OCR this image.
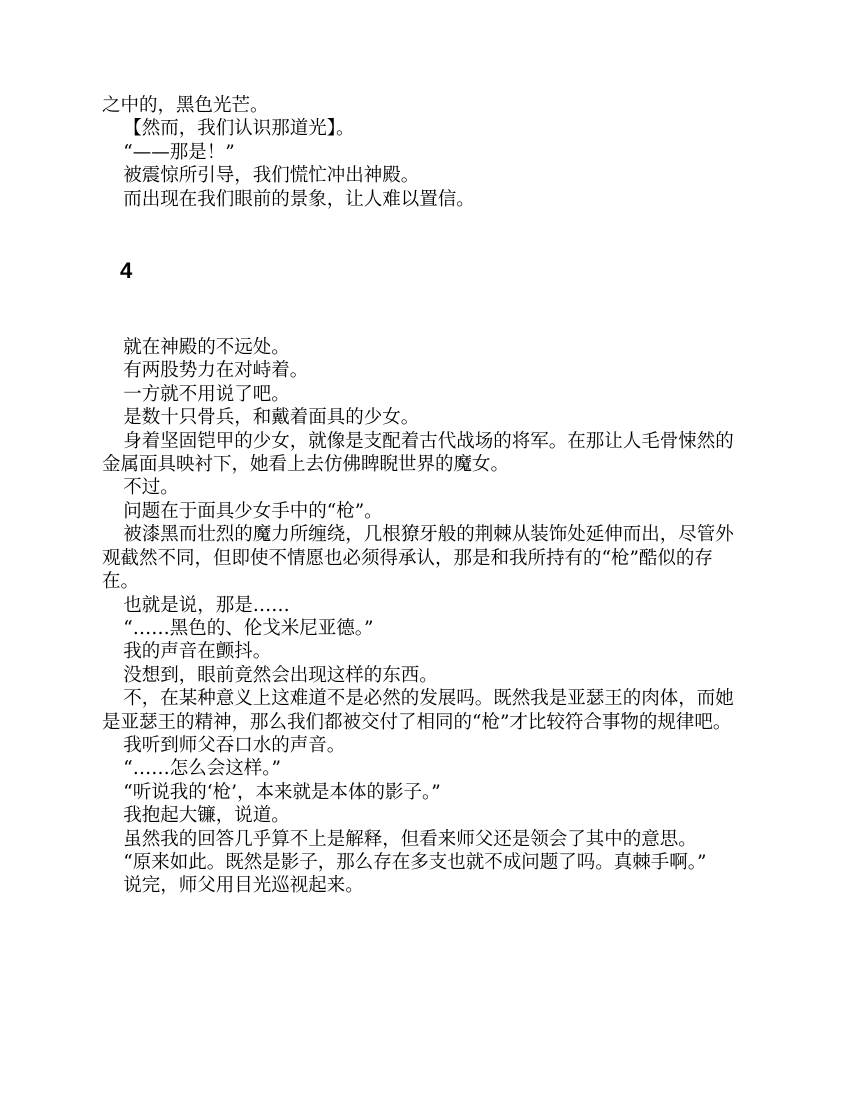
之中的，黑色光芒。

【然而，我们认识那道光】。

“——那是！”

被震惊所引导，我们慌忙冲出神殿。

而出现在我们眼前的景象，让人难以置信。

4

就在神殿的不远处。

有两股势力在对峙着。

一方就不用说了吧。

是数十只骨兵，和戴着面具的少女。

身着坚固铠甲的少女，就像是支配着古代战场的将军。在那让人毛骨悚然的金属面具映衬下，她看上去仿佛睥睨世界的魔女。

不过。

问题在于面具少女手中的“枪”。

被漆黑而壮烈的魔力所缠绕，几根獠牙般的荆棘从装饰处延伸而出，尽管外观截然不同，但即使不情愿也必须得承认，那是和我所持有的“枪”酷似的存在。

也就是说，那是……

“……黑色的、伦戈米尼亚德。”

我的声音在颤抖。

没想到，眼前竟然会出现这样的东西。

不，在某种意义上这难道不是必然的发展吗。既然我是亚瑟王的肉体，而她是亚瑟王的精神，那么我们都被交付了相同的“枪”才比较符合事物的规律吧。

我听到师父吞口水的声音。

“……怎么会这样。”

“听说我的‘枪’，本来就是本体的影子。”

我抱起大镰，说道。

虽然我的回答几乎算不上是解释，但看来师父还是领会了其中的意思。

“原来如此。既然是影子，那么存在多支也就不成问题了吗。真棘手啊。”

说完，师父用目光巡视起来。
